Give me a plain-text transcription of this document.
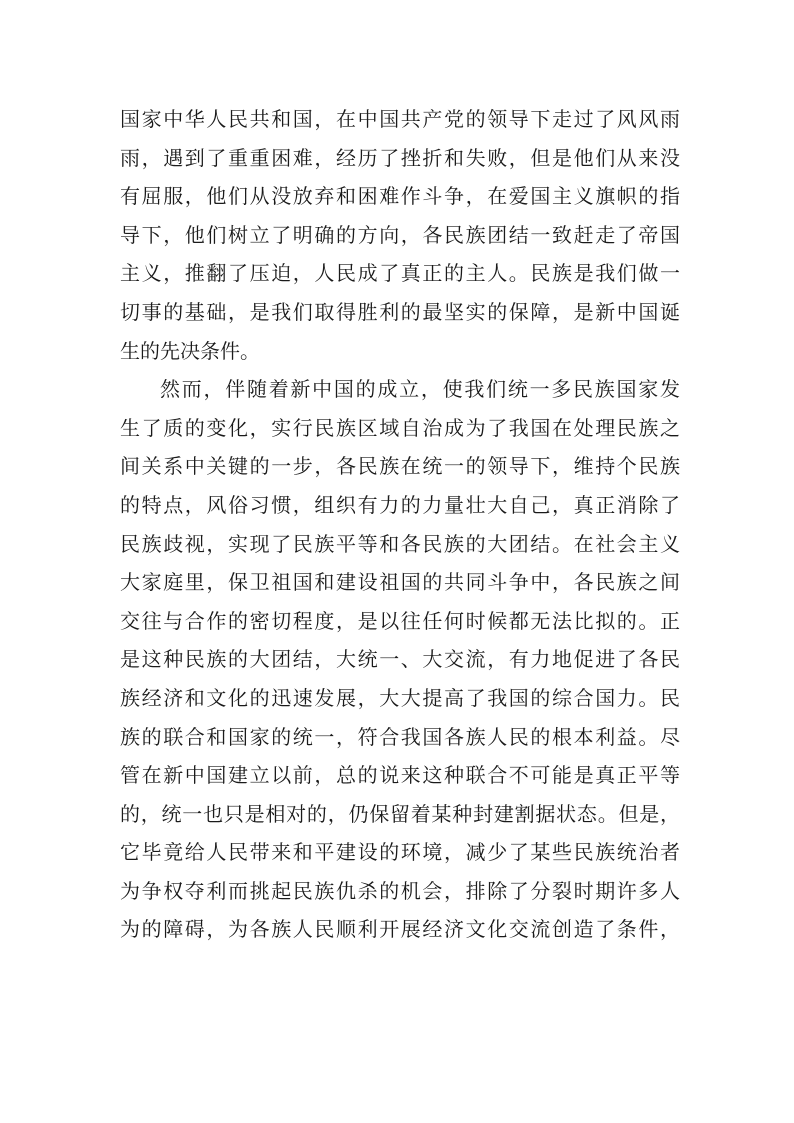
国家中华人民共和国，在中国共产党的领导下走过了风风雨
雨，遇到了重重困难，经历了挫折和失败，但是他们从来没
有屈服，他们从没放弃和困难作斗争，在爱国主义旗帜的指
导下，他们树立了明确的方向，各民族团结一致赶走了帝国
主义，推翻了压迫，人民成了真正的主人。民族是我们做一
切事的基础，是我们取得胜利的最坚实的保障，是新中国诞
生的先决条件。
然而，伴随着新中国的成立，使我们统一多民族国家发
生了质的变化，实行民族区域自治成为了我国在处理民族之
间关系中关键的一步，各民族在统一的领导下，维持个民族
的特点，风俗习惯，组织有力的力量壮大自己，真正消除了
民族歧视，实现了民族平等和各民族的大团结。在社会主义
大家庭里，保卫祖国和建设祖国的共同斗争中，各民族之间
交往与合作的密切程度，是以往任何时候都无法比拟的。正
是这种民族的大团结，大统一、大交流，有力地促进了各民
族经济和文化的迅速发展，大大提高了我国的综合国力。民
族的联合和国家的统一，符合我国各族人民的根本利益。尽
管在新中国建立以前，总的说来这种联合不可能是真正平等
的，统一也只是相对的，仍保留着某种封建割据状态。但是，
它毕竟给人民带来和平建设的环境，减少了某些民族统治者
为争权夺利而挑起民族仇杀的机会，排除了分裂时期许多人
为的障碍，为各族人民顺利开展经济文化交流创造了条件，
